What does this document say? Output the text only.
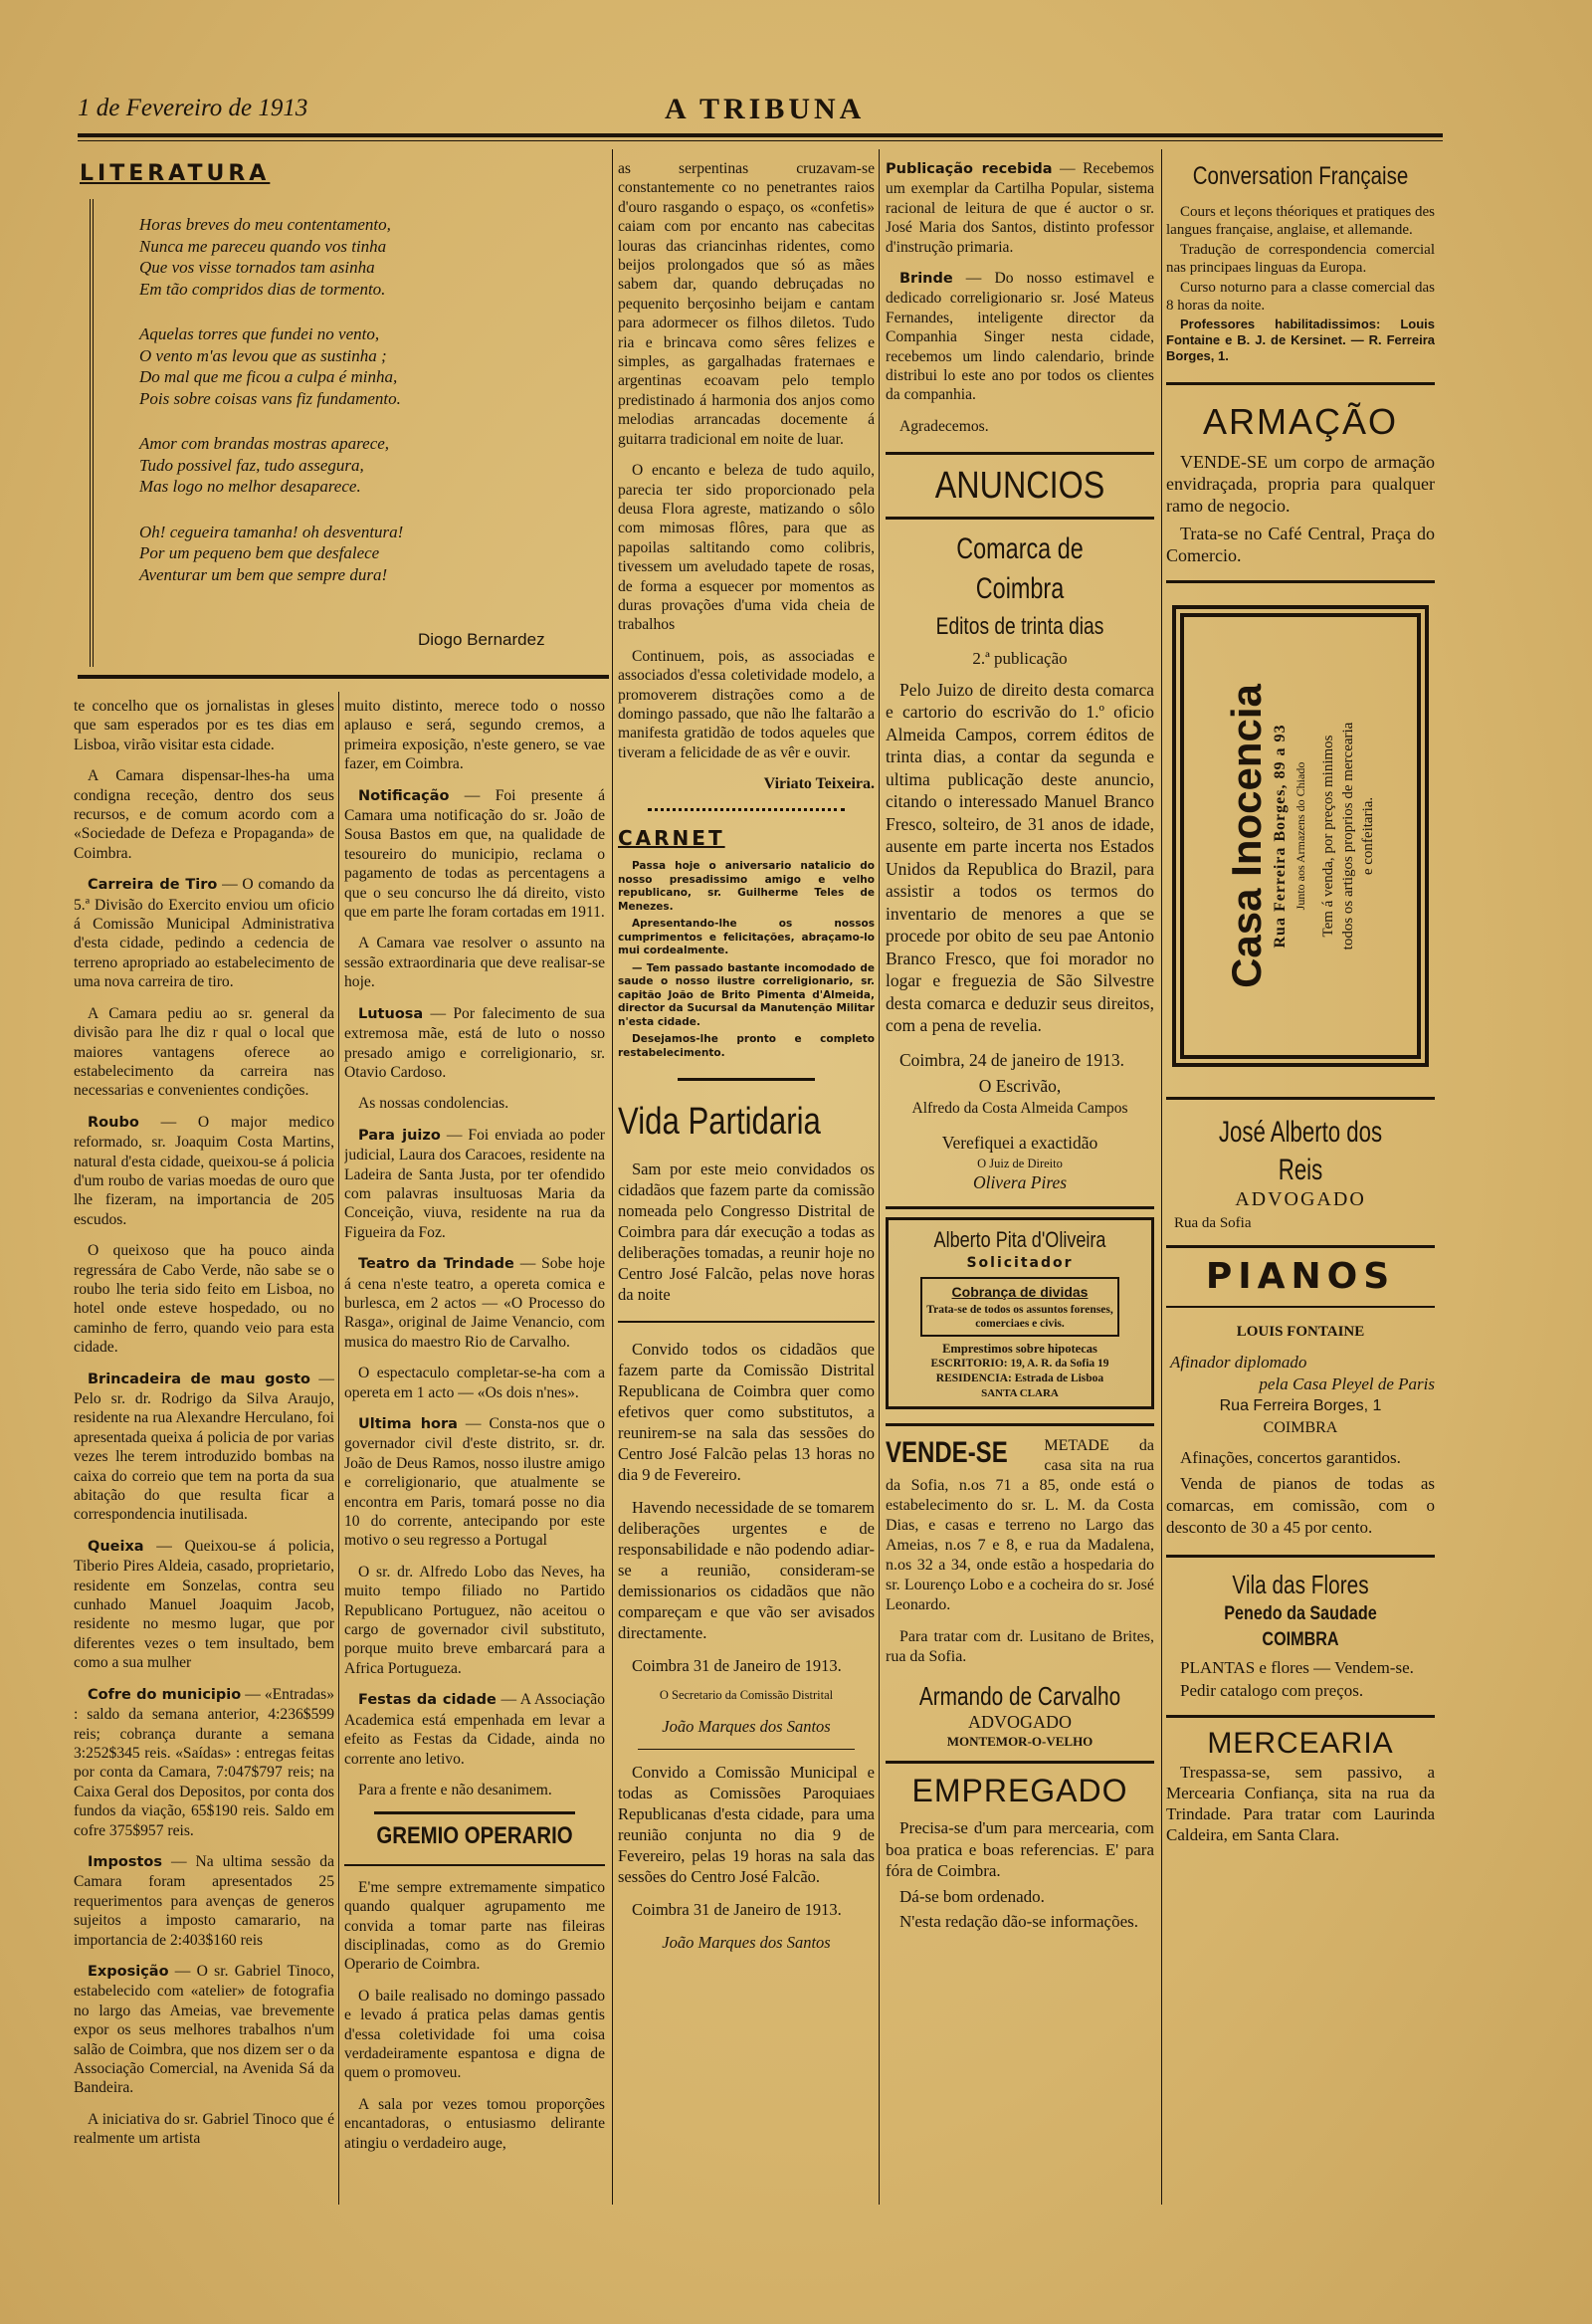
1 de Fevereiro de 1913	A TRIBUNA
LITERATURA
Horas breves do meu contentamento,
Nunca me pareceu quando vos tinha
Que vos visse tornados tam asinha
Em tão compridos dias de tormento.
Aquelas torres que fundei no vento,
O vento m'as levou que as sustinha ;
Do mal que me ficou a culpa é minha,
Pois sobre coisas vans fiz fundamento.
Amor com brandas mostras aparece,
Tudo possivel faz, tudo assegura,
Mas logo no melhor desaparece.
Oh! cegueira tamanha! oh desventura!
Por um pequeno bem que desfalece
Aventurar um bem que sempre dura!
Diogo Bernardez

te concelho que os jornalistas in gleses que sam esperados por es tes dias em Lisboa, virão visitar esta cidade.

A Camara dispensar-lhes-ha uma condigna receção, dentro dos seus recursos, e de comum acordo com a «Sociedade de Defeza e Propaganda» de Coimbra.

Carreira de Tiro — O comando da 5.ª Divisão do Exercito enviou um oficio á Comissão Municipal Administrativa d'esta cidade, pedindo a cedencia de terreno apropriado ao estabelecimento de uma nova carreira de tiro.

A Camara pediu ao sr. general da divisão para lhe diz r qual o local que maiores vantagens oferece ao estabelecimento da carreira nas necessarias e convenientes condições.

Roubo — O major medico reformado, sr. Joaquim Costa Martins, natural d'esta cidade, queixou-se á policia d'um roubo de varias moedas de ouro que lhe fizeram, na importancia de 205 escudos.

O queixoso que ha pouco ainda regressára de Cabo Verde, não sabe se o roubo lhe teria sido feito em Lisboa, no hotel onde esteve hospedado, ou no caminho de ferro, quando veio para esta cidade.

Brincadeira de mau gosto — Pelo sr. dr. Rodrigo da Silva Araujo, residente na rua Alexandre Herculano, foi apresentada queixa á policia de por varias vezes lhe terem introduzido bombas na caixa do correio que tem na porta da sua abitação do que resulta ficar a correspondencia inutilisada.

Queixa — Queixou-se á policia, Tiberio Pires Aldeia, casado, proprietario, residente em Sonzelas, contra seu cunhado Manuel Joaquim Jacob, residente no mesmo lugar, que por diferentes vezes o tem insultado, bem como a sua mulher

Cofre do municipio — «Entradas» : saldo da semana anterior, 4:236$599 reis; cobrança durante a semana 3:252$345 reis. «Saídas» : entregas feitas por conta da Camara, 7:047$797 reis; na Caixa Geral dos Depositos, por conta dos fundos da viação, 65$190 reis. Saldo em cofre 375$957 reis.

Impostos — Na ultima sessão da Camara foram apresentados 25 requerimentos para avenças de generos sujeitos a imposto camarario, na importancia de 2:403$160 reis

Exposição — O sr. Gabriel Tinoco, estabelecido com «atelier» de fotografia no largo das Ameias, vae brevemente expor os seus melhores trabalhos n'um salão de Coimbra, que nos dizem ser o da Associação Comercial, na Avenida Sá da Bandeira.

A iniciativa do sr. Gabriel Tinoco que é realmente um artista

muito distinto, merece todo o nosso aplauso e será, segundo cremos, a primeira exposição, n'este genero, se vae fazer, em Coimbra.

Notificação — Foi presente á Camara uma notificação do sr. João de Sousa Bastos em que, na qualidade de tesoureiro do municipio, reclama o pagamento de todas as percentagens a que o seu concurso lhe dá direito, visto que em parte lhe foram cortadas em 1911.

A Camara vae resolver o assunto na sessão extraordinaria que deve realisar-se hoje.

Lutuosa — Por falecimento de sua extremosa mãe, está de luto o nosso presado amigo e correligionario, sr. Otavio Cardoso.

As nossas condolencias.

Para juizo — Foi enviada ao poder judicial, Laura dos Caracoes, residente na Ladeira de Santa Justa, por ter ofendido com palavras insultuosas Maria da Conceição, viuva, residente na rua da Figueira da Foz.

Teatro da Trindade — Sobe hoje á cena n'este teatro, a opereta comica e burlesca, em 2 actos — «O Processo do Rasga», original de Jaime Venancio, com musica do maestro Rio de Carvalho.

O espectaculo completar-se-ha com a opereta em 1 acto — «Os dois n'nes».

Ultima hora — Consta-nos que o governador civil d'este distrito, sr. dr. João de Deus Ramos, nosso ilustre amigo e correligionario, que atualmente se encontra em Paris, tomará posse no dia 10 do corrente, antecipando por este motivo o seu regresso a Portugal

O sr. dr. Alfredo Lobo das Neves, ha muito tempo filiado no Partido Republicano Portuguez, não aceitou o cargo de governador civil substituto, porque muito breve embarcará para a Africa Portugueza.

Festas da cidade — A Associação Academica está empenhada em levar a efeito as Festas da Cidade, ainda no corrente ano letivo.

Para a frente e não desanimem.

GREMIO OPERARIO

E'me sempre extremamente simpatico quando qualquer agrupamento me convida a tomar parte nas fileiras disciplinadas, como as do Gremio Operario de Coimbra.

O baile realisado no domingo passado e levado á pratica pelas damas gentis d'essa coletividade foi uma coisa verdadeiramente espantosa e digna de quem o promoveu.

A sala por vezes tomou proporções encantadoras, o entusiasmo delirante atingiu o verdadeiro auge,

as serpentinas cruzavam-se constantemente co no penetrantes raios d'ouro rasgando o espaço, os «confetis» caiam com por encanto nas cabecitas louras das criancinhas ridentes, como beijos prolongados que só as mães sabem dar, quando debruçadas no pequenito berçosinho beijam e cantam para adormecer os filhos diletos. Tudo ria e brincava como sêres felizes e simples, as gargalhadas fraternaes e argentinas ecoavam pelo templo predistinado á harmonia dos anjos como melodias arrancadas docemente á guitarra tradicional em noite de luar.

O encanto e beleza de tudo aquilo, parecia ter sido proporcionado pela deusa Flora agreste, matizando o sôlo com mimosas flôres, para que as papoilas saltitando como colibris, tivessem um aveludado tapete de rosas, de forma a esquecer por momentos as duras provações d'uma vida cheia de trabalhos

Continuem, pois, as associadas e associados d'essa coletividade modelo, a promoverem distrações como a de domingo passado, que não lhe faltarão a manifesta gratidão de todos aqueles que tiveram a felicidade de as vêr e ouvir.

Viriato Teixeira.

CARNET

Passa hoje o aniversario natalicio do nosso presadissimo amigo e velho republicano, sr. Guilherme Teles de Menezes.

Apresentando-lhe os nossos cumprimentos e felicitações, abraçamo-lo mui cordealmente.

— Tem passado bastante incomodado de saude o nosso ilustre correligionario, sr. capitão João de Brito Pimenta d'Almeida, director da Sucursal da Manutenção Militar n'esta cidade.

Desejamos-lhe pronto e completo restabelecimento.

Vida Partidaria

Sam por este meio convidados os cidadãos que fazem parte da comissão nomeada pelo Congresso Distrital de Coimbra para dár execução a todas as deliberações tomadas, a reunir hoje no Centro José Falcão, pelas nove horas da noite

Convido todos os cidadãos que fazem parte da Comissão Distrital Republicana de Coimbra quer como efetivos quer como substitutos, a reunirem-se na sala das sessões do Centro José Falcão pelas 13 horas no dia 9 de Fevereiro.

Havendo necessidade de se tomarem deliberações urgentes e de responsabilidade e não podendo adiar-se a reunião, consideram-se demissionarios os cidadãos que não compareçam e que vão ser avisados directamente.

Coimbra 31 de Janeiro de 1913.

O Secretario da Comissão Distrital

João Marques dos Santos

Convido a Comissão Municipal e todas as Comissões Paroquiaes Republicanas d'esta cidade, para uma reunião conjunta no dia 9 de Fevereiro, pelas 19 horas na sala das sessões do Centro José Falcão.

Coimbra 31 de Janeiro de 1913.

João Marques dos Santos

Publicação recebida — Recebemos um exemplar da Cartilha Popular, sistema racional de leitura de que é auctor o sr. José Maria dos Santos, distinto professor d'instrução primaria.

Brinde — Do nosso estimavel e dedicado correligionario sr. José Mateus Fernandes, inteligente director da Companhia Singer nesta cidade, recebemos um lindo calendario, brinde distribui lo este ano por todos os clientes da companhia.

Agradecemos.

ANUNCIOS
Comarca de Coimbra
Editos de trinta dias
2.ª publicação

Pelo Juizo de direito desta comarca e cartorio do escrivão do 1.º oficio Almeida Campos, correm éditos de trinta dias, a contar da segunda e ultima publicação deste anuncio, citando o interessado Manuel Branco Fresco, solteiro, de 31 anos de idade, ausente em parte incerta nos Estados Unidos da Republica do Brazil, para assistir a todos os termos do inventario de menores a que se procede por obito de seu pae Antonio Branco Fresco, que foi morador no logar e freguezia de São Silvestre desta comarca e deduzir seus direitos, com a pena de revelia.

Coimbra, 24 de janeiro de 1913.

O Escrivão,

Alfredo da Costa Almeida Campos

Verefiquei a exactidão

O Juiz de Direito

Olivera Pires

Alberto Pita d'Oliveira
Solicitador
Cobrança de dividas
Trata-se de todos os assuntos forenses, comerciaes e civis.
Emprestimos sobre hipotecas
ESCRITORIO: 19, A. R. da Sofia 19
RESIDENCIA: Estrada de Lisboa
SANTA CLARA

VENDE-SE METADE da casa sita na rua da Sofia, n.os 71 a 85, onde está o estabelecimento do sr. L. M. da Costa Dias, e casas e terreno no Largo das Ameias, n.os 7 e 8, e rua da Madalena, n.os 32 a 34, onde estão a hospedaria do sr. Lourenço Lobo e a cocheira do sr. José Leonardo.

Para tratar com dr. Lusitano de Brites, rua da Sofia.

Armando de Carvalho
ADVOGADO
MONTEMOR-O-VELHO
EMPREGADO

Precisa-se d'um para mercearia, com boa pratica e boas referencias. E' para fóra de Coimbra.

Dá-se bom ordenado.

N'esta redação dão-se informações.

Conversation Française

Cours et leçons théoriques et pratiques des langues française, anglaise, et allemande.

Tradução de correspondencia comercial nas principaes linguas da Europa.

Curso noturno para a classe comercial das 8 horas da noite.

Professores habilitadissimos: Louis Fontaine e B. J. de Kersinet. — R. Ferreira Borges, 1.

ARMAÇÃO

VENDE-SE um corpo de armação envidraçada, propria para qualquer ramo de negocio.

Trata-se no Café Central, Praça do Comercio.

Casa Inocencia Rua Ferreira Borges, 89 a 93 Junto aos Armazens do Chiado Tem á venda, por preços minimos todos os artigos proprios de mercearia e confeitaria.
José Alberto dos Reis
ADVOGADO
Rua da Sofia
PIANOS
LOUIS FONTAINE
Afinador diplomado
pela Casa Pleyel de Paris
Rua Ferreira Borges, 1
COIMBRA

Afinações, concertos garantidos.

Venda de pianos de todas as comarcas, em comissão, com o desconto de 30 a 45 por cento.

Vila das Flores
Penedo da Saudade COIMBRA

PLANTAS e flores — Vendem-se.

Pedir catalogo com preços.

MERCEARIA

Trespassa-se, sem passivo, a Mercearia Confiança, sita na rua da Trindade. Para tratar com Laurinda Caldeira, em Santa Clara.
